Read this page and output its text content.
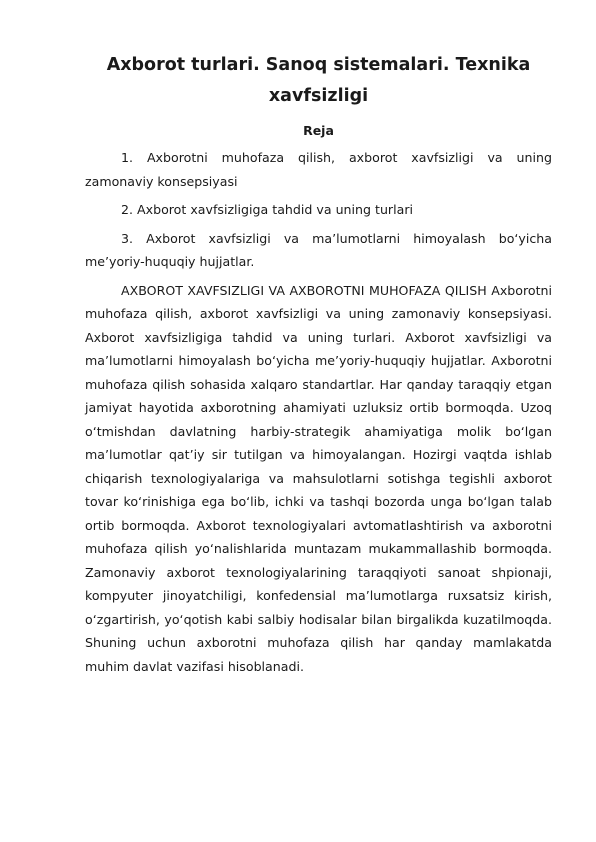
Axborot turlari. Sanoq sistemalari. Texnika xavfsizligi
Reja

1. Axborotni muhofaza qilish, axborot xavfsizligi va uning zamonaviy konsepsiyasi

2. Axborot xavfsizligiga tahdid va uning turlari

3. Axborot xavfsizligi va ma’lumotlarni himoyalash bo‘yicha me’yoriy-huquqiy hujjatlar.

AXBOROT XAVFSIZLIGI VA AXBOROTNI MUHOFAZA QILISH Axborotni muhofaza qilish, axborot xavfsizligi va uning zamonaviy konsepsiyasi. Axborot xavfsizligiga tahdid va uning turlari. Axborot xavfsizligi va ma’lumotlarni himoyalash bo‘yicha me’yoriy-huquqiy hujjatlar. Axborotni muhofaza qilish sohasida xalqaro standartlar. Har qanday taraqqiy etgan jamiyat hayotida axborotning ahamiyati uzluksiz ortib bormoqda. Uzoq o‘tmishdan davlatning harbiy-strategik ahamiyatiga molik bo‘lgan ma’lumotlar qat’iy sir tutilgan va himoyalangan. Hozirgi vaqtda ishlab chiqarish texnologiyalariga va mahsulotlarni sotishga tegishli axborot tovar ko‘rinishiga ega bo‘lib, ichki va tashqi bozorda unga bo‘lgan talab ortib bormoqda. Axborot texnologiyalari avtomatlashtirish va axborotni muhofaza qilish yo‘nalishlarida muntazam mukammallashib bormoqda. Zamonaviy axborot texnologiyalarining taraqqiyoti sanoat shpionaji, kompyuter jinoyatchiligi, konfedensial ma’lumotlarga ruxsatsiz kirish, o‘zgartirish, yo‘qotish kabi salbiy hodisalar bilan birgalikda kuzatilmoqda. Shuning uchun axborotni muhofaza qilish har qanday mamlakatda muhim davlat vazifasi hisoblanadi.
